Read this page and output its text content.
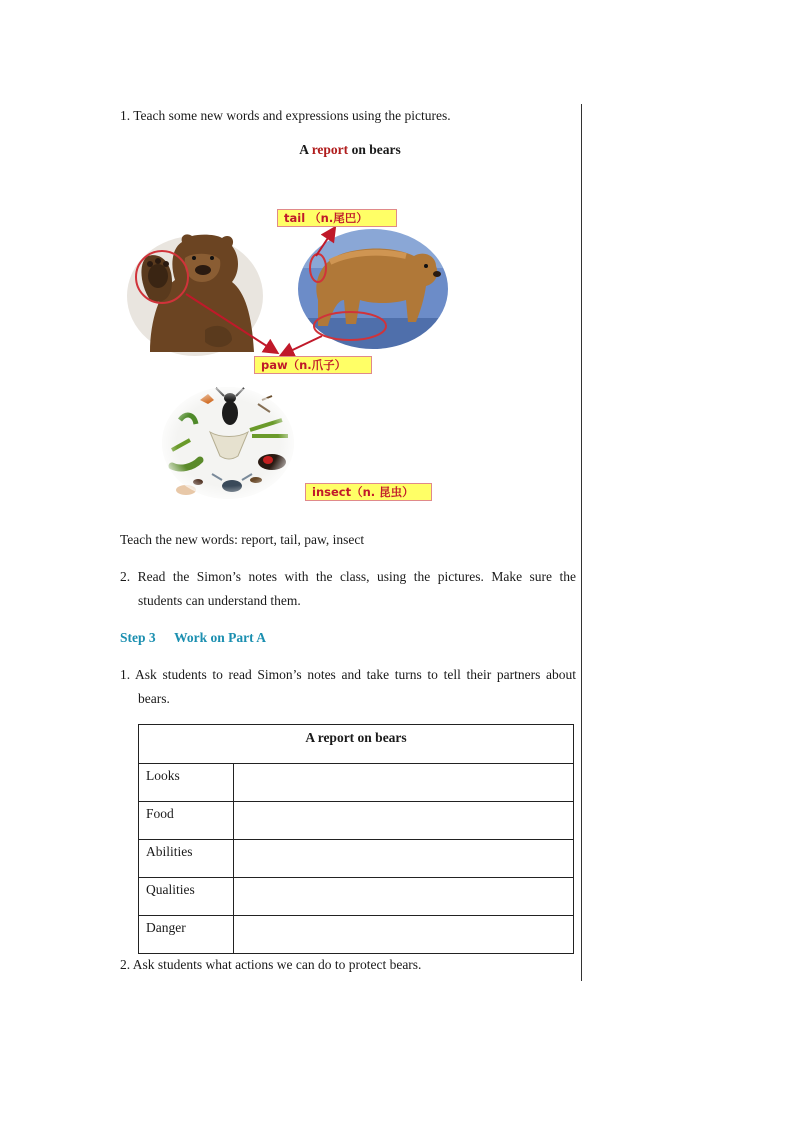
1. Teach some new words and expressions using the pictures.
A report on bears
tail （n.尾巴）
paw（n.爪子）
insect（n. 昆虫）
Teach the new words: report, tail, paw, insect
2. Read the Simon’s notes with the class, using the pictures. Make sure the
students can understand them.
Step 3 Work on Part A
1. Ask students to read Simon’s notes and take turns to tell their partners about
bears.
A report on bears	
Looks	
Food	
Abilities	
Qualities	
Danger	
2. Ask students what actions we can do to protect bears.
